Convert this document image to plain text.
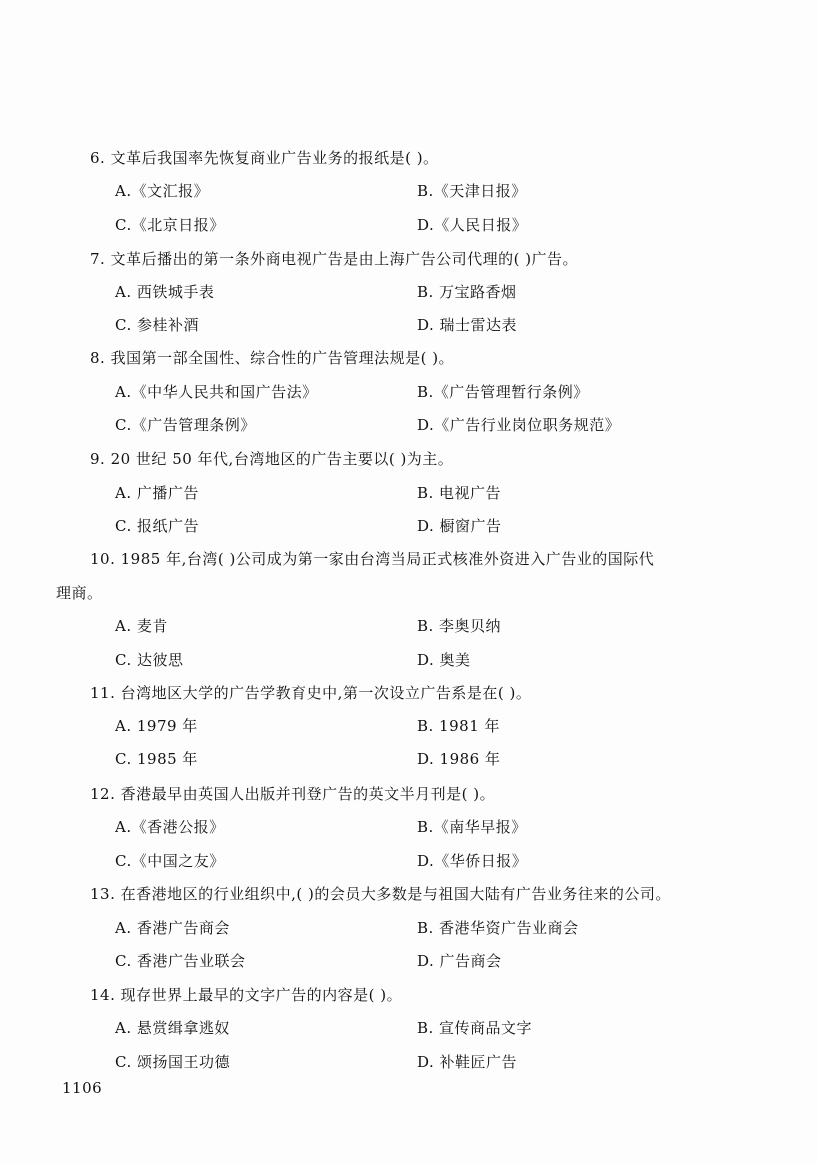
6. 文革后我国率先恢复商业广告业务的报纸是( )。
A.《文汇报》	B.《天津日报》
C.《北京日报》	D.《人民日报》
7. 文革后播出的第一条外商电视广告是由上海广告公司代理的( )广告。
A. 西铁城手表	B. 万宝路香烟
C. 参桂补酒	D. 瑞士雷达表
8. 我国第一部全国性、综合性的广告管理法规是( )。
A.《中华人民共和国广告法》	B.《广告管理暂行条例》
C.《广告管理条例》	D.《广告行业岗位职务规范》
9. 20 世纪 50 年代,台湾地区的广告主要以( )为主。
A. 广播广告	B. 电视广告
C. 报纸广告	D. 橱窗广告
10. 1985 年,台湾( )公司成为第一家由台湾当局正式核准外资进入广告业的国际代
理商。
A. 麦肯	B. 李奥贝纳
C. 达彼思	D. 奥美
11. 台湾地区大学的广告学教育史中,第一次设立广告系是在( )。
A. 1979 年	B. 1981 年
C. 1985 年	D. 1986 年
12. 香港最早由英国人出版并刊登广告的英文半月刊是( )。
A.《香港公报》	B.《南华早报》
C.《中国之友》	D.《华侨日报》
13. 在香港地区的行业组织中,( )的会员大多数是与祖国大陆有广告业务往来的公司。
A. 香港广告商会	B. 香港华资广告业商会
C. 香港广告业联会	D. 广告商会
14. 现存世界上最早的文字广告的内容是( )。
A. 悬赏缉拿逃奴	B. 宣传商品文字
C. 颂扬国王功德	D. 补鞋匠广告
1106
